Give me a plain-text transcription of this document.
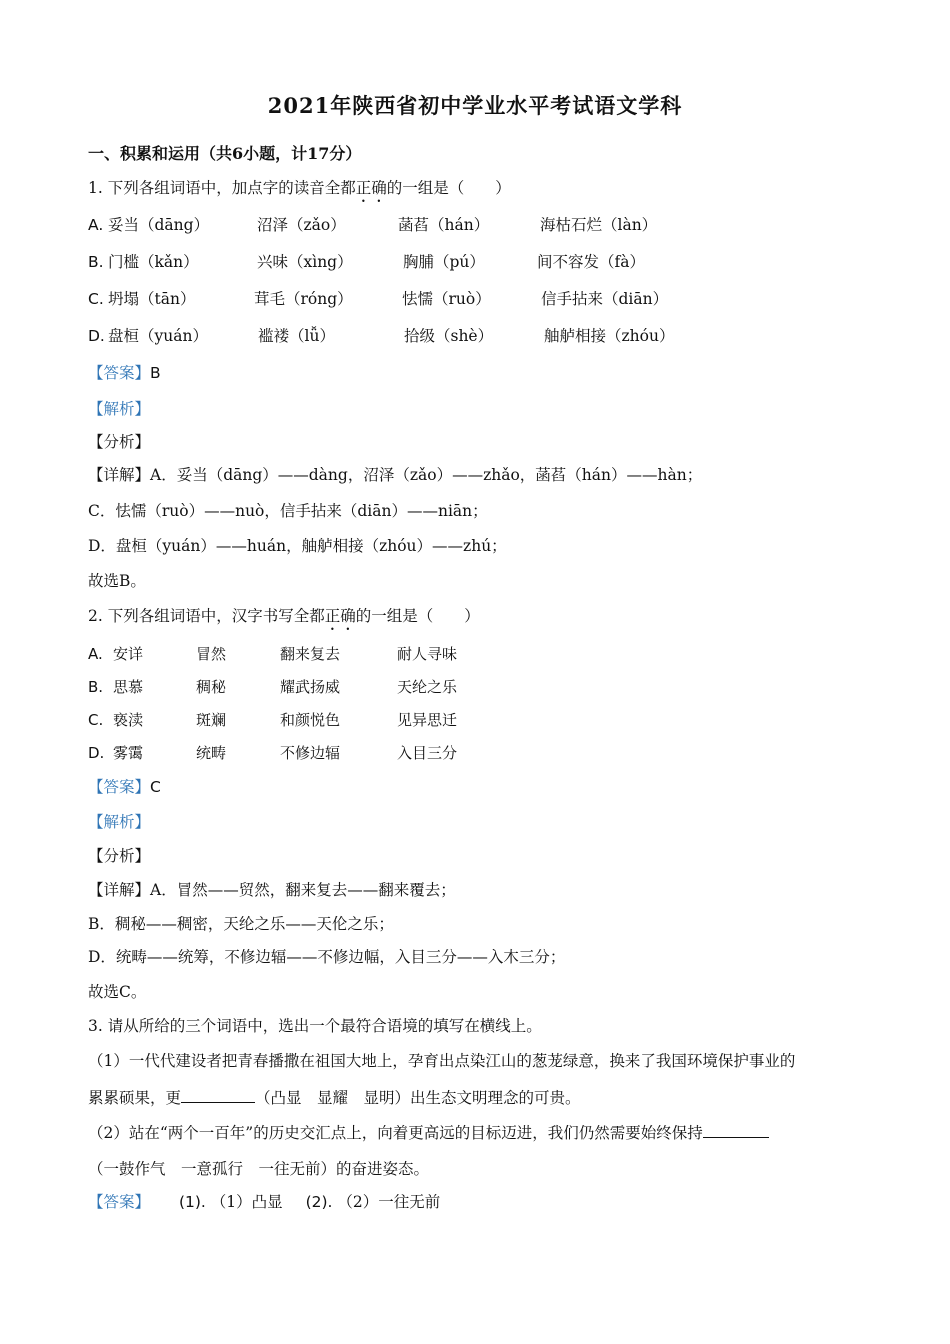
2021年陕西省初中学业水平考试语文学科
一、积累和运用（共6小题，计17分）
1. 下列各组词语中，加点字的读音全都正确的一组是（　　）
A. 妥当（dāng）	沼泽（zǎo）	菡萏（hán）	海枯石烂（làn）
B. 门槛（kǎn）	兴味（xìng）	胸脯（pú）	间不容发（fà）
C. 坍塌（tān）	茸毛（róng）	怯懦（ruò）	信手拈来（diān）
D. 盘桓（yuán）	褴褛（lǚ）	拾级（shè）	舳舻相接（zhóu）
【答案】B
【解析】
【分析】
【详解】A．妥当（dāng）——dàng，沼泽（zǎo）——zhǎo，菡萏（hán）——hàn；
C．怯懦（ruò）——nuò，信手拈来（diān）——niān；
D．盘桓（yuán）——huán，舳舻相接（zhóu）——zhú；
故选B。
2. 下列各组词语中，汉字书写全都正确的一组是（　　）
A. 安详	冒然	翻来复去	耐人寻味
B. 思慕	稠秘	耀武扬威	天纶之乐
C. 亵渎	斑斓	和颜悦色	见异思迁
D. 雾霭	统畴	不修边辐	入目三分
【答案】C
【解析】
【分析】
【详解】A．冒然——贸然，翻来复去——翻来覆去；
B．稠秘——稠密，天纶之乐——天伦之乐；
D．统畴——统筹，不修边辐——不修边幅，入目三分——入木三分；
故选C。
3. 请从所给的三个词语中，选出一个最符合语境的填写在横线上。
（1）一代代建设者把青春播撒在祖国大地上，孕育出点染江山的葱茏绿意，换来了我国环境保护事业的
累累硕果，更	（凸显　显耀　显明）出生态文明理念的可贵。
（2）站在“两个一百年”的历史交汇点上，向着更高远的目标迈进，我们仍然需要始终保持
（一鼓作气　一意孤行　一往无前）的奋进姿态。
【答案】 (1). （1）凸显 (2). （2）一往无前
